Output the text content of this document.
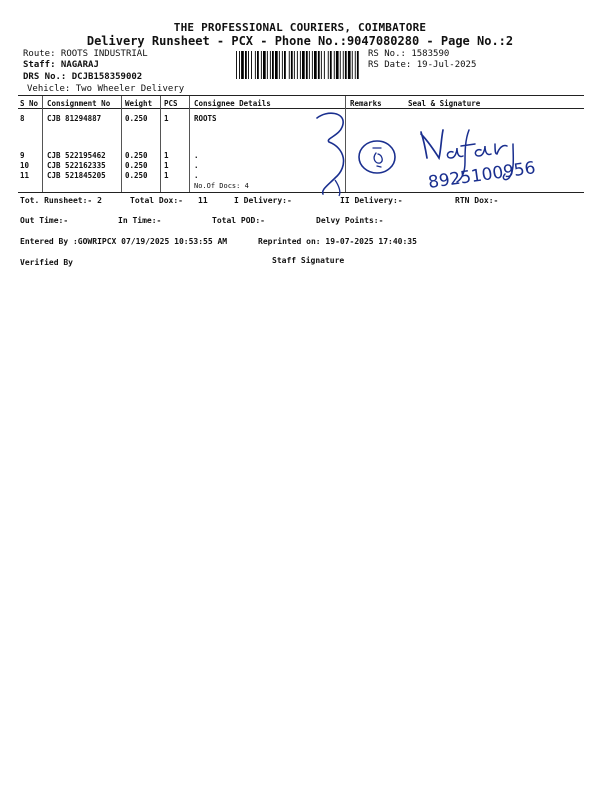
THE PROFESSIONAL COURIERS, COIMBATORE
Delivery Runsheet - PCX - Phone No.:9047080280 - Page No.:2
Route: ROOTS INDUSTRIAL
Staff: NAGARAJ
DRS No.: DCJB158359002
Vehicle: Two Wheeler Delivery
RS No.: 1583590
RS Date: 19-Jul-2025
S No Consignment No Weight PCS Consignee Details	Remarks	Seal & Signature
8	CJB 81294887	0.250 1	ROOTS
9	CJB 522195462	0.250 1	.
10 CJB 522162335	0.250 1	.
11 CJB 521845205	0.250 1	.
No.Of Docs: 4	8925100956
Tot. Runsheet:- 2	Total Dox:- 11	I Delivery:-	II Delivery:-	RTN Dox:-
Out Time:-	In Time:-	Total POD:-	Delvy Points:-
Entered By :GOWRIPCX 07/19/2025 10:53:55 AM	Reprinted on: 19-07-2025 17:40:35
Verified By	Staff Signature
